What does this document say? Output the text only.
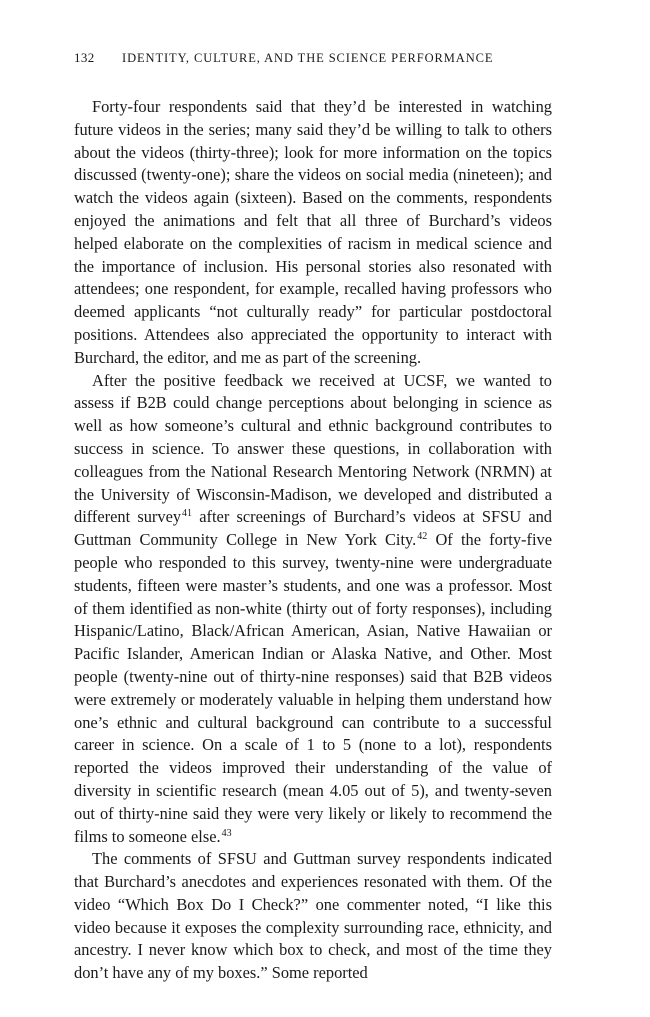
132	IDENTITY, CULTURE, AND THE SCIENCE PERFORMANCE

Forty-four respondents said that they’d be interested in watching future videos in the series; many said they’d be willing to talk to others about the videos (thirty-three); look for more information on the topics discussed (twenty-one); share the videos on social media (nineteen); and watch the videos again (sixteen). Based on the comments, respondents enjoyed the animations and felt that all three of Burchard’s videos helped elaborate on the complexities of racism in medical science and the importance of inclusion. His personal stories also resonated with attendees; one respondent, for example, recalled having professors who deemed applicants “not culturally ready” for particular postdoctoral positions. Attendees also appreciated the opportunity to interact with Burchard, the editor, and me as part of the screening.

After the positive feedback we received at UCSF, we wanted to assess if B2B could change perceptions about belonging in science as well as how someone’s cultural and ethnic background contributes to success in science. To answer these questions, in collaboration with colleagues from the National Research Mentoring Network (NRMN) at the University of Wisconsin-Madison, we developed and distributed a different survey$^{41}$ after screenings of Burchard’s videos at SFSU and Guttman Community College in New York City.$^{42}$ Of the forty-five people who responded to this survey, twenty-nine were undergraduate students, fifteen were master’s students, and one was a professor. Most of them identified as non-white (thirty out of forty responses), including Hispanic/Latino, Black/African American, Asian, Native Hawaiian or Pacific Islander, American Indian or Alaska Native, and Other. Most people (twenty-nine out of thirty-nine responses) said that B2B videos were extremely or moderately valuable in helping them understand how one’s ethnic and cultural background can contribute to a successful career in science. On a scale of 1 to 5 (none to a lot), respondents reported the videos improved their understanding of the value of diversity in scientific research (mean 4.05 out of 5), and twenty-seven out of thirty-nine said they were very likely or likely to recommend the films to someone else.$^{43}$

The comments of SFSU and Guttman survey respondents indicated that Burchard’s anecdotes and experiences resonated with them. Of the video “Which Box Do I Check?” one commenter noted, “I like this video because it exposes the complexity surrounding race, ethnicity, and ancestry. I never know which box to check, and most of the time they don’t have any of my boxes.” Some reported
